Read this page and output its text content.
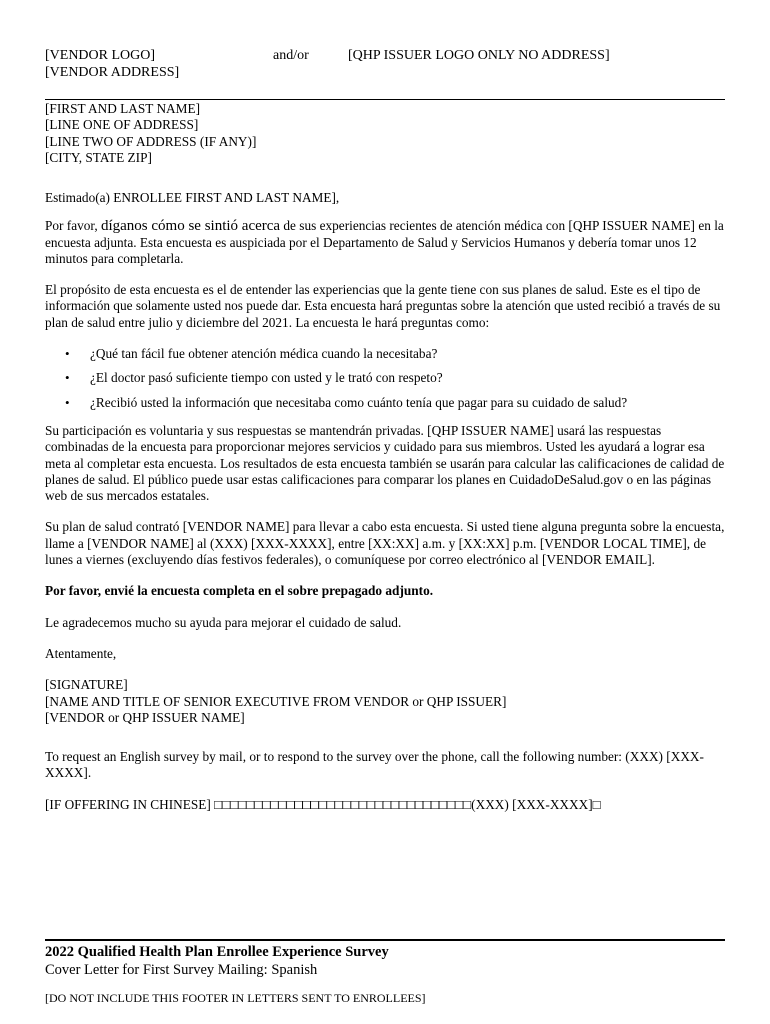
[VENDOR LOGO]
[VENDOR ADDRESS]
and/or	[QHP ISSUER LOGO ONLY NO ADDRESS]
[FIRST AND LAST NAME]
[LINE ONE OF ADDRESS]
[LINE TWO OF ADDRESS (IF ANY)]
[CITY, STATE ZIP]

Estimado(a) ENROLLEE FIRST AND LAST NAME],

Por favor, díganos cómo se sintió acerca de sus experiencias recientes de atención médica con [QHP ISSUER NAME] en la encuesta adjunta. Esta encuesta es auspiciada por el Departamento de Salud y Servicios Humanos y debería tomar unos 12 minutos para completarla.

El propósito de esta encuesta es el de entender las experiencias que la gente tiene con sus planes de salud. Este es el tipo de información que solamente usted nos puede dar. Esta encuesta hará preguntas sobre la atención que usted recibió a través de su plan de salud entre julio y diciembre del 2021. La encuesta le hará preguntas como:

• ¿Qué tan fácil fue obtener atención médica cuando la necesitaba?
• ¿El doctor pasó suficiente tiempo con usted y le trató con respeto?
• ¿Recibió usted la información que necesitaba como cuánto tenía que pagar para su cuidado de salud?

Su participación es voluntaria y sus respuestas se mantendrán privadas. [QHP ISSUER NAME] usará las respuestas combinadas de la encuesta para proporcionar mejores servicios y cuidado para sus miembros. Usted les ayudará a lograr esa meta al completar esta encuesta. Los resultados de esta encuesta también se usarán para calcular las calificaciones de calidad de planes de salud. El público puede usar estas calificaciones para comparar los planes en CuidadoDeSalud.gov o en las páginas web de sus mercados estatales.

Su plan de salud contrató [VENDOR NAME] para llevar a cabo esta encuesta. Si usted tiene alguna pregunta sobre la encuesta, llame a [VENDOR NAME] al (XXX) [XXX-XXXX], entre [XX:XX] a.m. y [XX:XX] p.m. [VENDOR LOCAL TIME], de lunes a viernes (excluyendo días festivos federales), o comuníquese por correo electrónico al [VENDOR EMAIL].

Por favor, envié la encuesta completa en el sobre prepagado adjunto.

Le agradecemos mucho su ayuda para mejorar el cuidado de salud.

Atentamente,

[SIGNATURE]
[NAME AND TITLE OF SENIOR EXECUTIVE FROM VENDOR or QHP ISSUER]
[VENDOR or QHP ISSUER NAME]

To request an English survey by mail, or to respond to the survey over the phone, call the following number: (XXX) [XXX-XXXX].

[IF OFFERING IN CHINESE] □□□□□□□□□□□□□□□□□□□□□□□□□□□□□□□□(XXX) [XXX-XXXX]□

2022 Qualified Health Plan Enrollee Experience Survey
Cover Letter for First Survey Mailing: Spanish
[DO NOT INCLUDE THIS FOOTER IN LETTERS SENT TO ENROLLEES]
